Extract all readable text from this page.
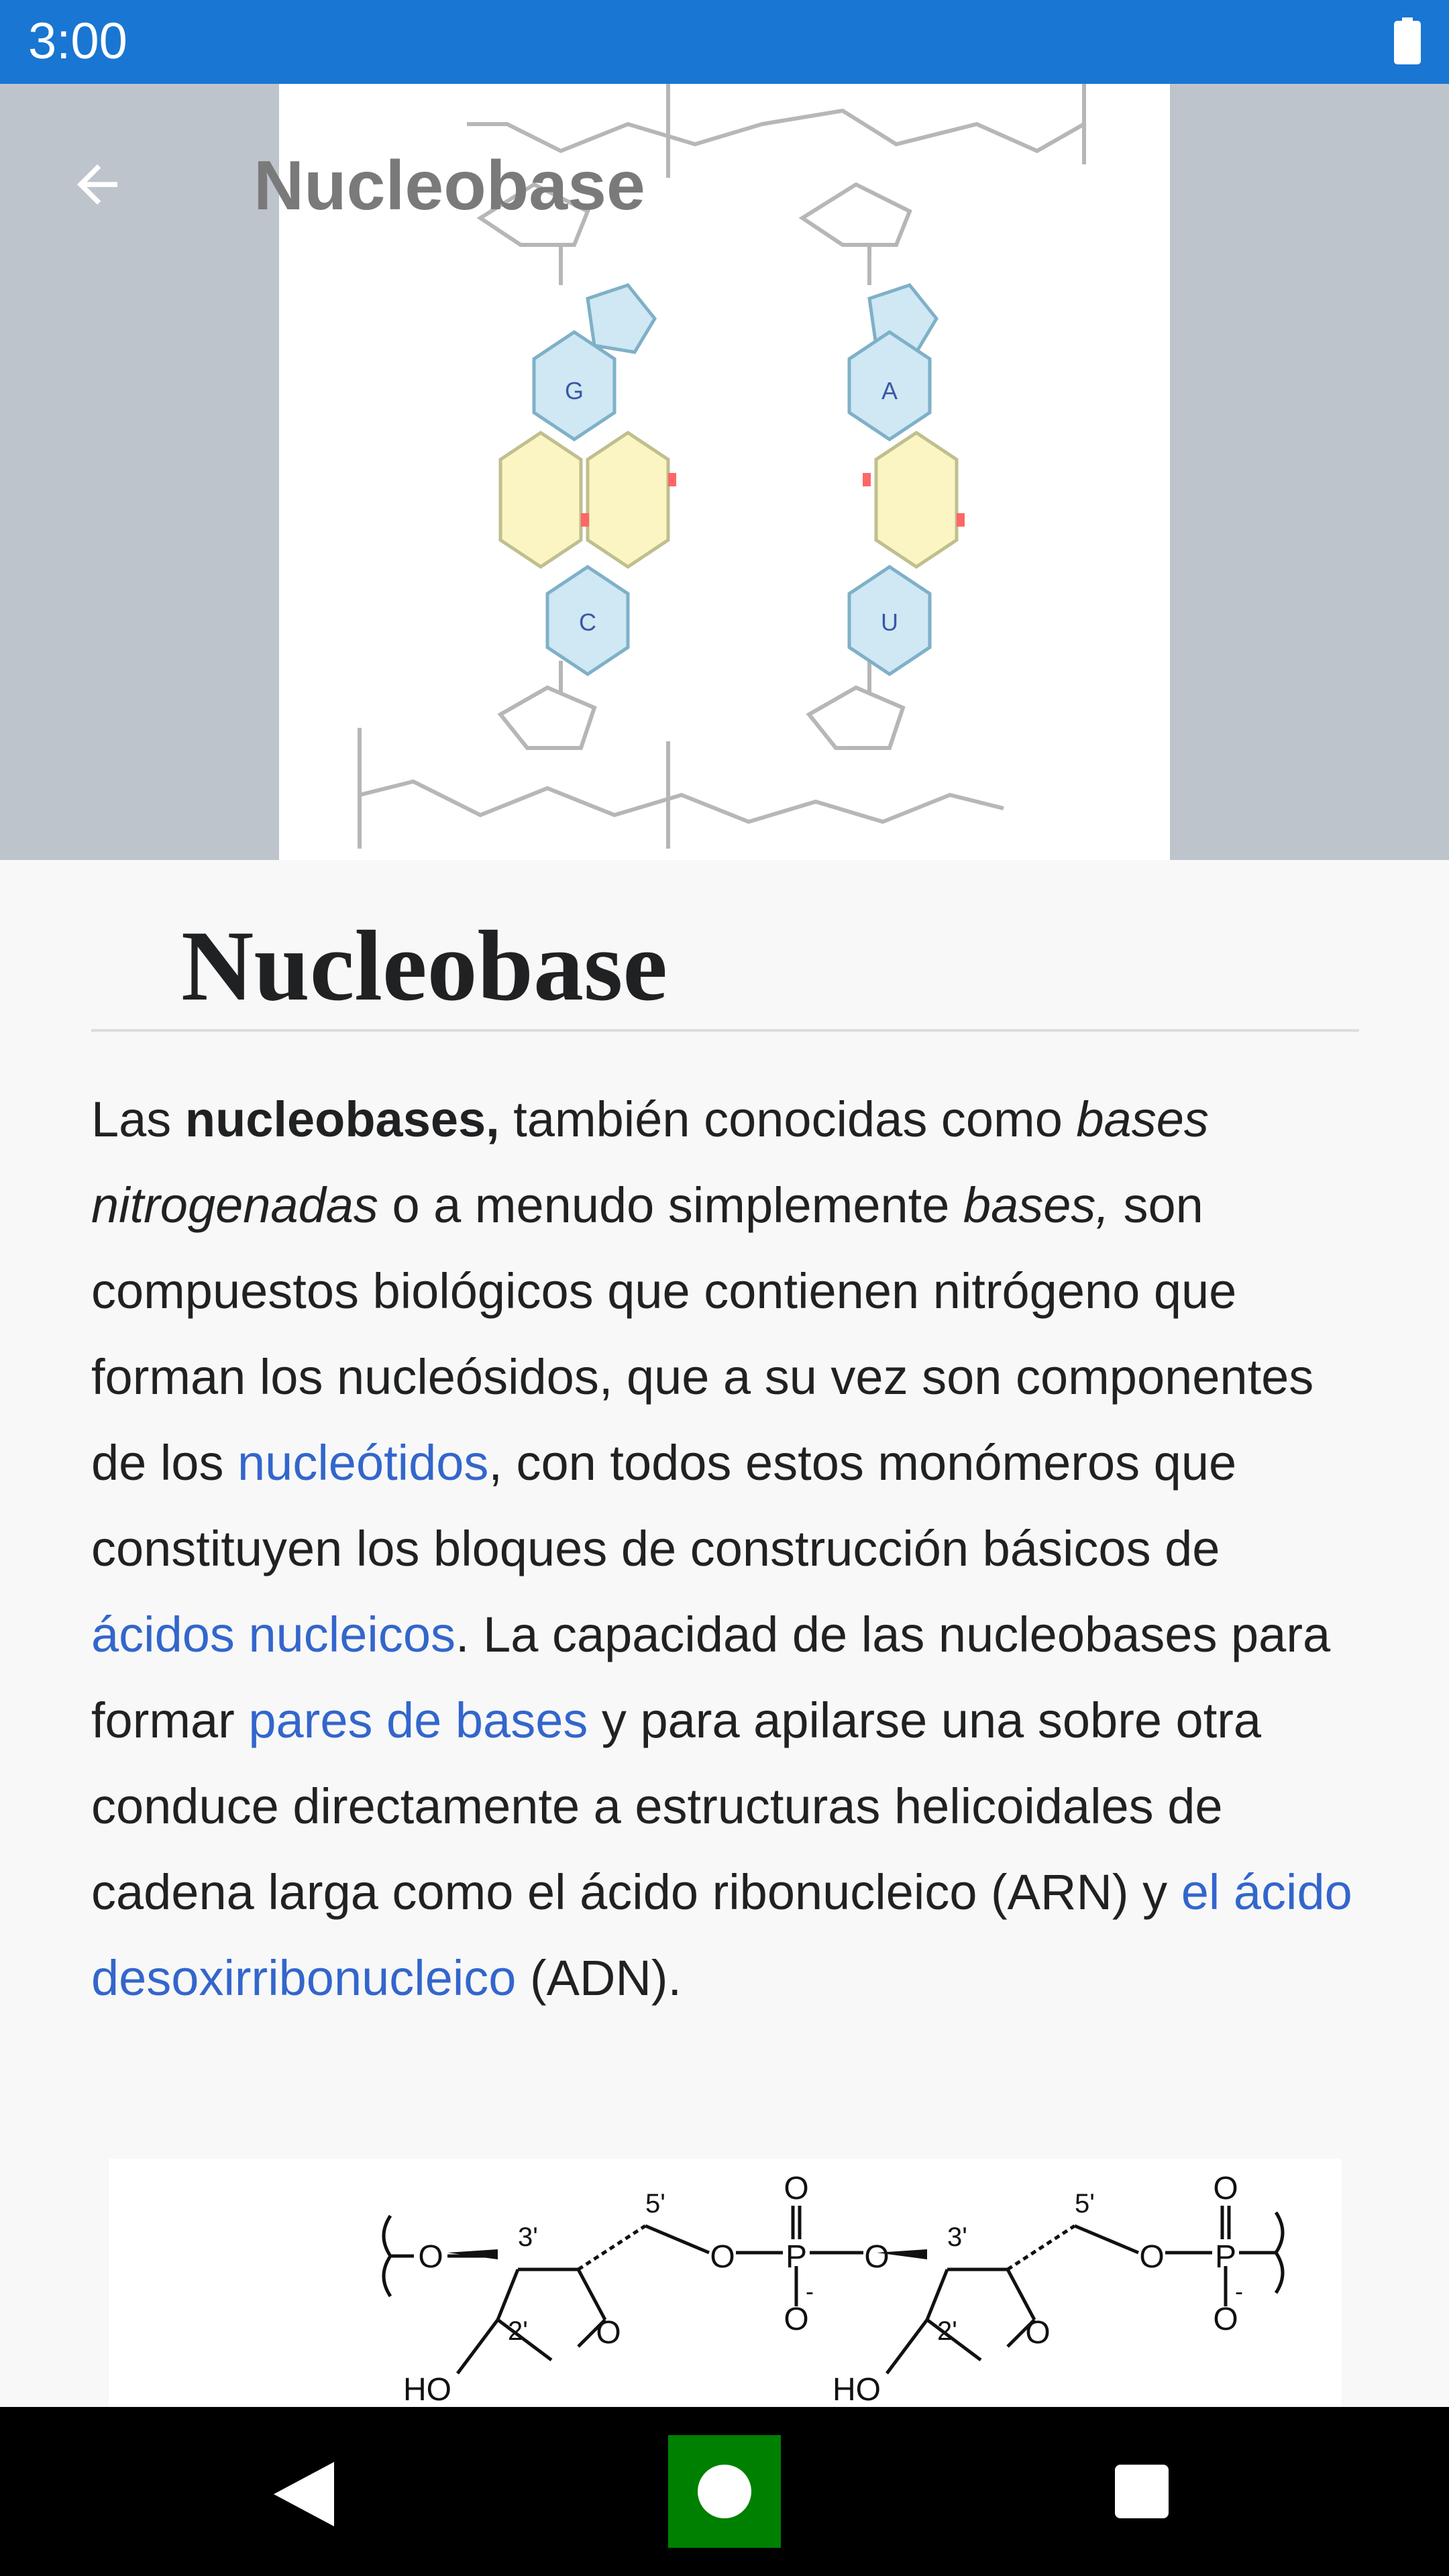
3:00
G	A
C	U
Nucleobase
Nucleobase

Las nucleobases, también conocidas como bases nitrogenadas o a menudo simplemente bases, son compuestos biológicos que contienen nitrógeno que forman los nucleósidos, que a su vez son componentes de los nucleótidos, con todos estos monómeros que constituyen los bloques de construcción básicos de ácidos nucleicos. La capacidad de las nucleobases para formar pares de bases y para apilarse una sobre otra conduce directamente a estructuras helicoidales de cadena larga como el ácido ribonucleico (ARN) y el ácido desoxirribonucleico (ADN).

O
3'
5'
O P
O
O
O
3'
5'
O P
O
O
2' O
HO
2' O
HO
-	-
